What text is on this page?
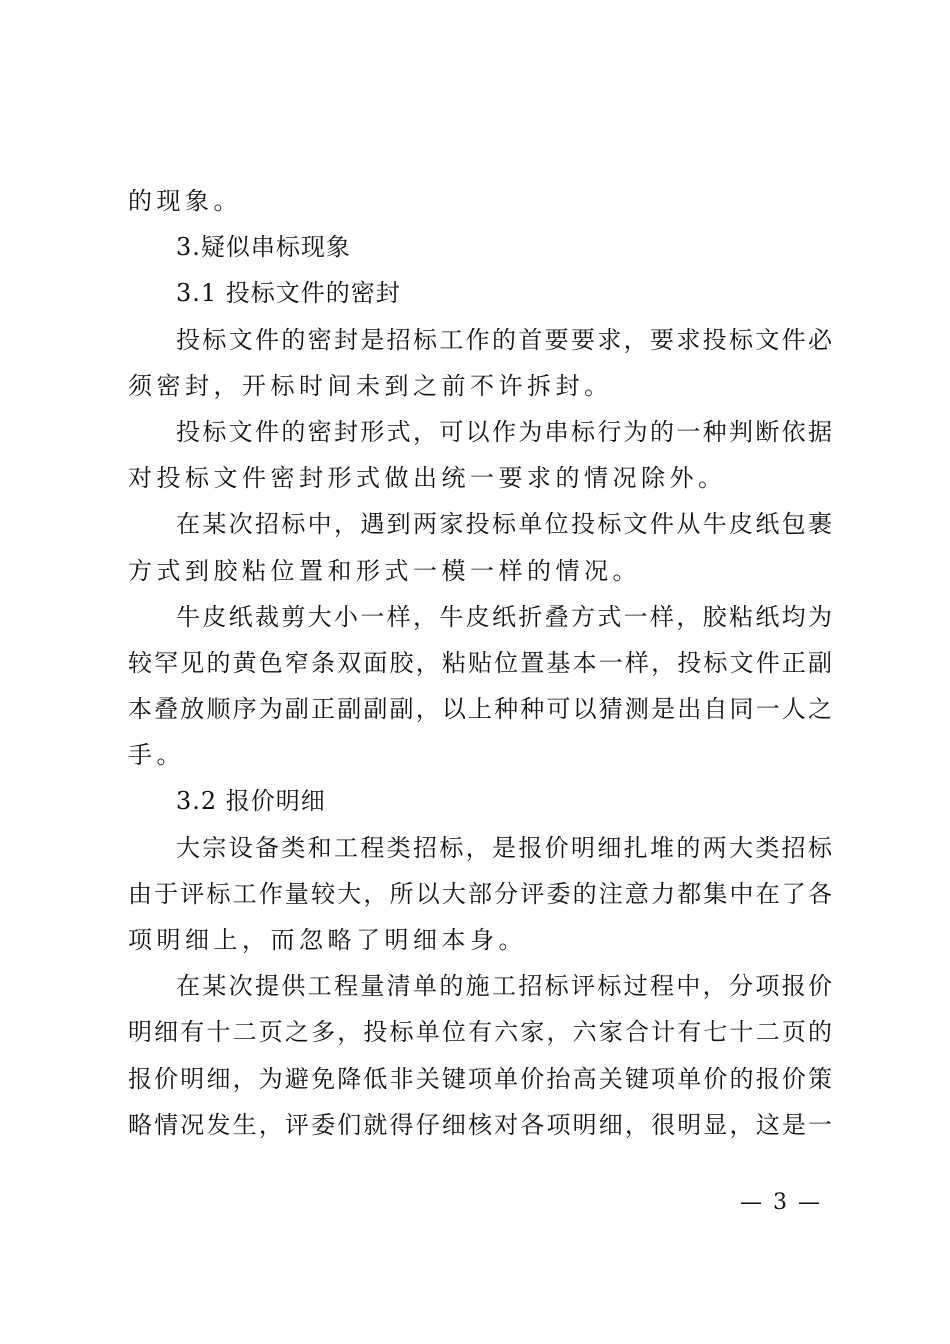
的现象。
3.疑似串标现象
3.1 投标文件的密封
投标文件的密封是招标工作的首要要求，要求投标文件必
须密封，开标时间未到之前不许拆封。
投标文件的密封形式，可以作为串标行为的一种判断依据
对投标文件密封形式做出统一要求的情况除外。
在某次招标中，遇到两家投标单位投标文件从牛皮纸包裹
方式到胶粘位置和形式一模一样的情况。
牛皮纸裁剪大小一样，牛皮纸折叠方式一样，胶粘纸均为
较罕见的黄色窄条双面胶，粘贴位置基本一样，投标文件正副
本叠放顺序为副正副副副，以上种种可以猜测是出自同一人之
手。
3.2 报价明细
大宗设备类和工程类招标，是报价明细扎堆的两大类招标
由于评标工作量较大，所以大部分评委的注意力都集中在了各
项明细上，而忽略了明细本身。
在某次提供工程量清单的施工招标评标过程中，分项报价
明细有十二页之多，投标单位有六家，六家合计有七十二页的
报价明细，为避免降低非关键项单价抬高关键项单价的报价策
略情况发生，评委们就得仔细核对各项明细，很明显，这是一
— 3 —
